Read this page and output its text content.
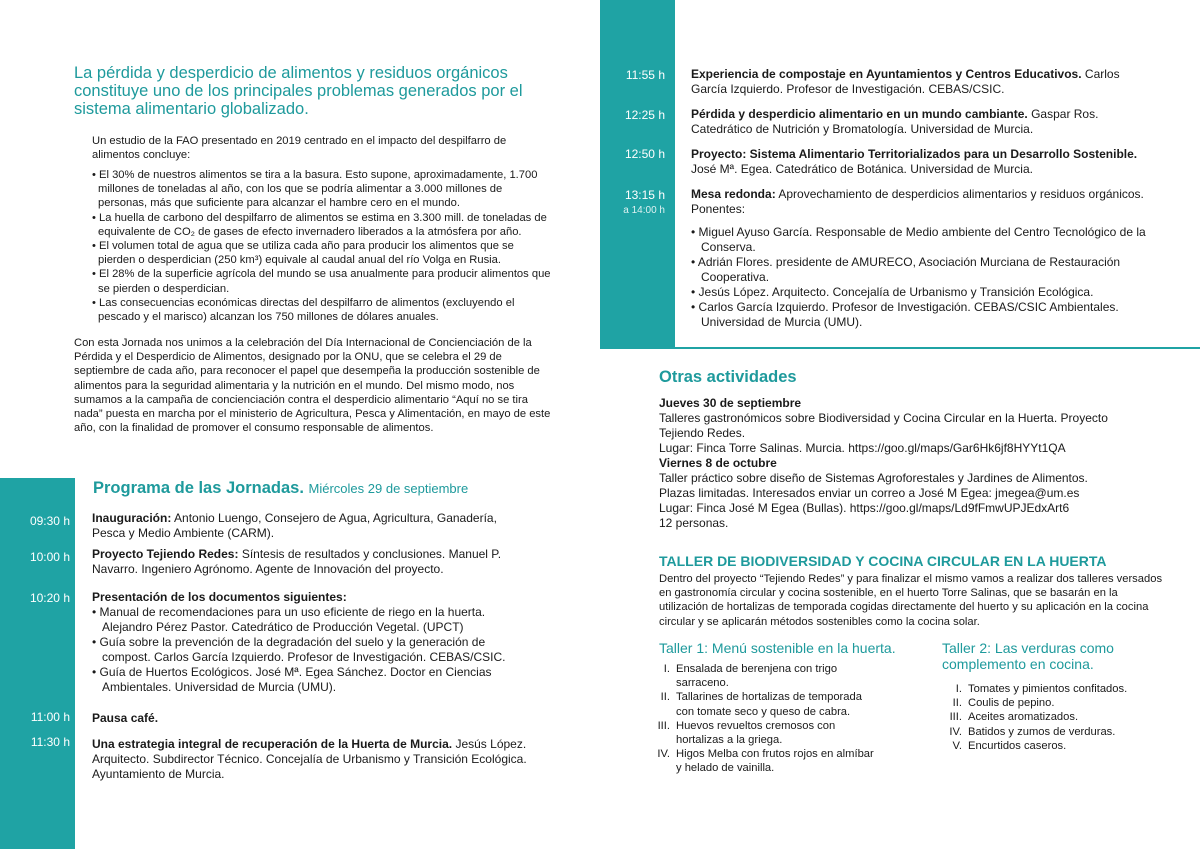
La pérdida y desperdicio de alimentos y residuos orgánicos constituye uno de los principales problemas generados por el sistema alimentario globalizado.

Un estudio de la FAO presentado en 2019 centrado en el impacto del despilfarro de alimentos concluye:

• El 30% de nuestros alimentos se tira a la basura. Esto supone, aproximadamente, 1.700 millones de toneladas al año, con los que se podría alimentar a 3.000 millones de personas, más que suficiente para alcanzar el hambre cero en el mundo.
• La huella de carbono del despilfarro de alimentos se estima en 3.300 mill. de toneladas de equivalente de CO₂ de gases de efecto invernadero liberados a la atmósfera por año.
• El volumen total de agua que se utiliza cada año para producir los alimentos que se pierden o desperdician (250 km³) equivale al caudal anual del río Volga en Rusia.
• El 28% de la superficie agrícola del mundo se usa anualmente para producir alimentos que se pierden o desperdician.
• Las consecuencias económicas directas del despilfarro de alimentos (excluyendo el pescado y el marisco) alcanzan los 750 millones de dólares anuales.

Con esta Jornada nos unimos a la celebración del Día Internacional de Concienciación de la Pérdida y el Desperdicio de Alimentos, designado por la ONU, que se celebra el 29 de septiembre de cada año, para reconocer el papel que desempeña la producción sostenible de alimentos para la seguridad alimentaria y la nutrición en el mundo. Del mismo modo, nos sumamos a la campaña de concienciación contra el desperdicio alimentario “Aquí no se tira nada” puesta en marcha por el ministerio de Agricultura, Pesca y Alimentación, en mayo de este año, con la finalidad de promover el consumo responsable de alimentos.

Programa de las Jornadas. Miércoles 29 de septiembre
09:30 h Inauguración: Antonio Luengo, Consejero de Agua, Agricultura, Ganadería, Pesca y Medio Ambiente (CARM).
10:00 h Proyecto Tejiendo Redes: Síntesis de resultados y conclusiones. Manuel P. Navarro. Ingeniero Agrónomo. Agente de Innovación del proyecto.
10:20 h Presentación de los documentos siguientes:
• Manual de recomendaciones para un uso eficiente de riego en la huerta. Alejandro Pérez Pastor. Catedrático de Producción Vegetal. (UPCT)
• Guía sobre la prevención de la degradación del suelo y la generación de compost. Carlos García Izquierdo. Profesor de Investigación. CEBAS/CSIC.
• Guía de Huertos Ecológicos. José Mª. Egea Sánchez. Doctor en Ciencias Ambientales. Universidad de Murcia (UMU).
11:00 h Pausa café.
11:30 h Una estrategia integral de recuperación de la Huerta de Murcia. Jesús López. Arquitecto. Subdirector Técnico. Concejalía de Urbanismo y Transición Ecológica. Ayuntamiento de Murcia.
11:55 h Experiencia de compostaje en Ayuntamientos y Centros Educativos. Carlos García Izquierdo. Profesor de Investigación. CEBAS/CSIC.
12:25 h Pérdida y desperdicio alimentario en un mundo cambiante. Gaspar Ros. Catedrático de Nutrición y Bromatología. Universidad de Murcia.
12:50 h Proyecto: Sistema Alimentario Territorializados para un Desarrollo Sostenible. José Mª. Egea. Catedrático de Botánica. Universidad de Murcia.
13:15 h
a 14:00 h
Mesa redonda: Aprovechamiento de desperdicios alimentarios y residuos orgánicos. Ponentes:
• Miguel Ayuso García. Responsable de Medio ambiente del Centro Tecnológico de la Conserva.
• Adrián Flores. presidente de AMURECO, Asociación Murciana de Restauración Cooperativa.
• Jesús López. Arquitecto. Concejalía de Urbanismo y Transición Ecológica.
• Carlos García Izquierdo. Profesor de Investigación. CEBAS/CSIC Ambientales. Universidad de Murcia (UMU).
Otras actividades
Jueves 30 de septiembre
Talleres gastronómicos sobre Biodiversidad y Cocina Circular en la Huerta. Proyecto
Tejiendo Redes.
Lugar: Finca Torre Salinas. Murcia. https://goo.gl/maps/Gar6Hk6jf8HYYt1QA
Viernes 8 de octubre
Taller práctico sobre diseño de Sistemas Agroforestales y Jardines de Alimentos.
Plazas limitadas. Interesados enviar un correo a José M Egea: jmegea@um.es
Lugar: Finca José M Egea (Bullas). https://goo.gl/maps/Ld9fFmwUPJEdxArt6
12 personas.
TALLER DE BIODIVERSIDAD Y COCINA CIRCULAR EN LA HUERTA

Dentro del proyecto “Tejiendo Redes” y para finalizar el mismo vamos a realizar dos talleres versados en gastronomía circular y cocina sostenible, en el huerto Torre Salinas, que se basarán en la utilización de hortalizas de temporada cogidas directamente del huerto y su aplicación en la cocina circular y se aplicarán métodos sostenibles como la cocina solar.

Taller 1: Menú sostenible en la huerta.
I. Ensalada de berenjena con trigo sarraceno.
II. Tallarines de hortalizas de temporada con tomate seco y queso de cabra.
III. Huevos revueltos cremosos con hortalizas a la griega.
IV. Higos Melba con frutos rojos en almíbar y helado de vainilla.
Taller 2: Las verduras como complemento en cocina.
I. Tomates y pimientos confitados.
II. Coulis de pepino.
III. Aceites aromatizados.
IV. Batidos y zumos de verduras.
V. Encurtidos caseros.
